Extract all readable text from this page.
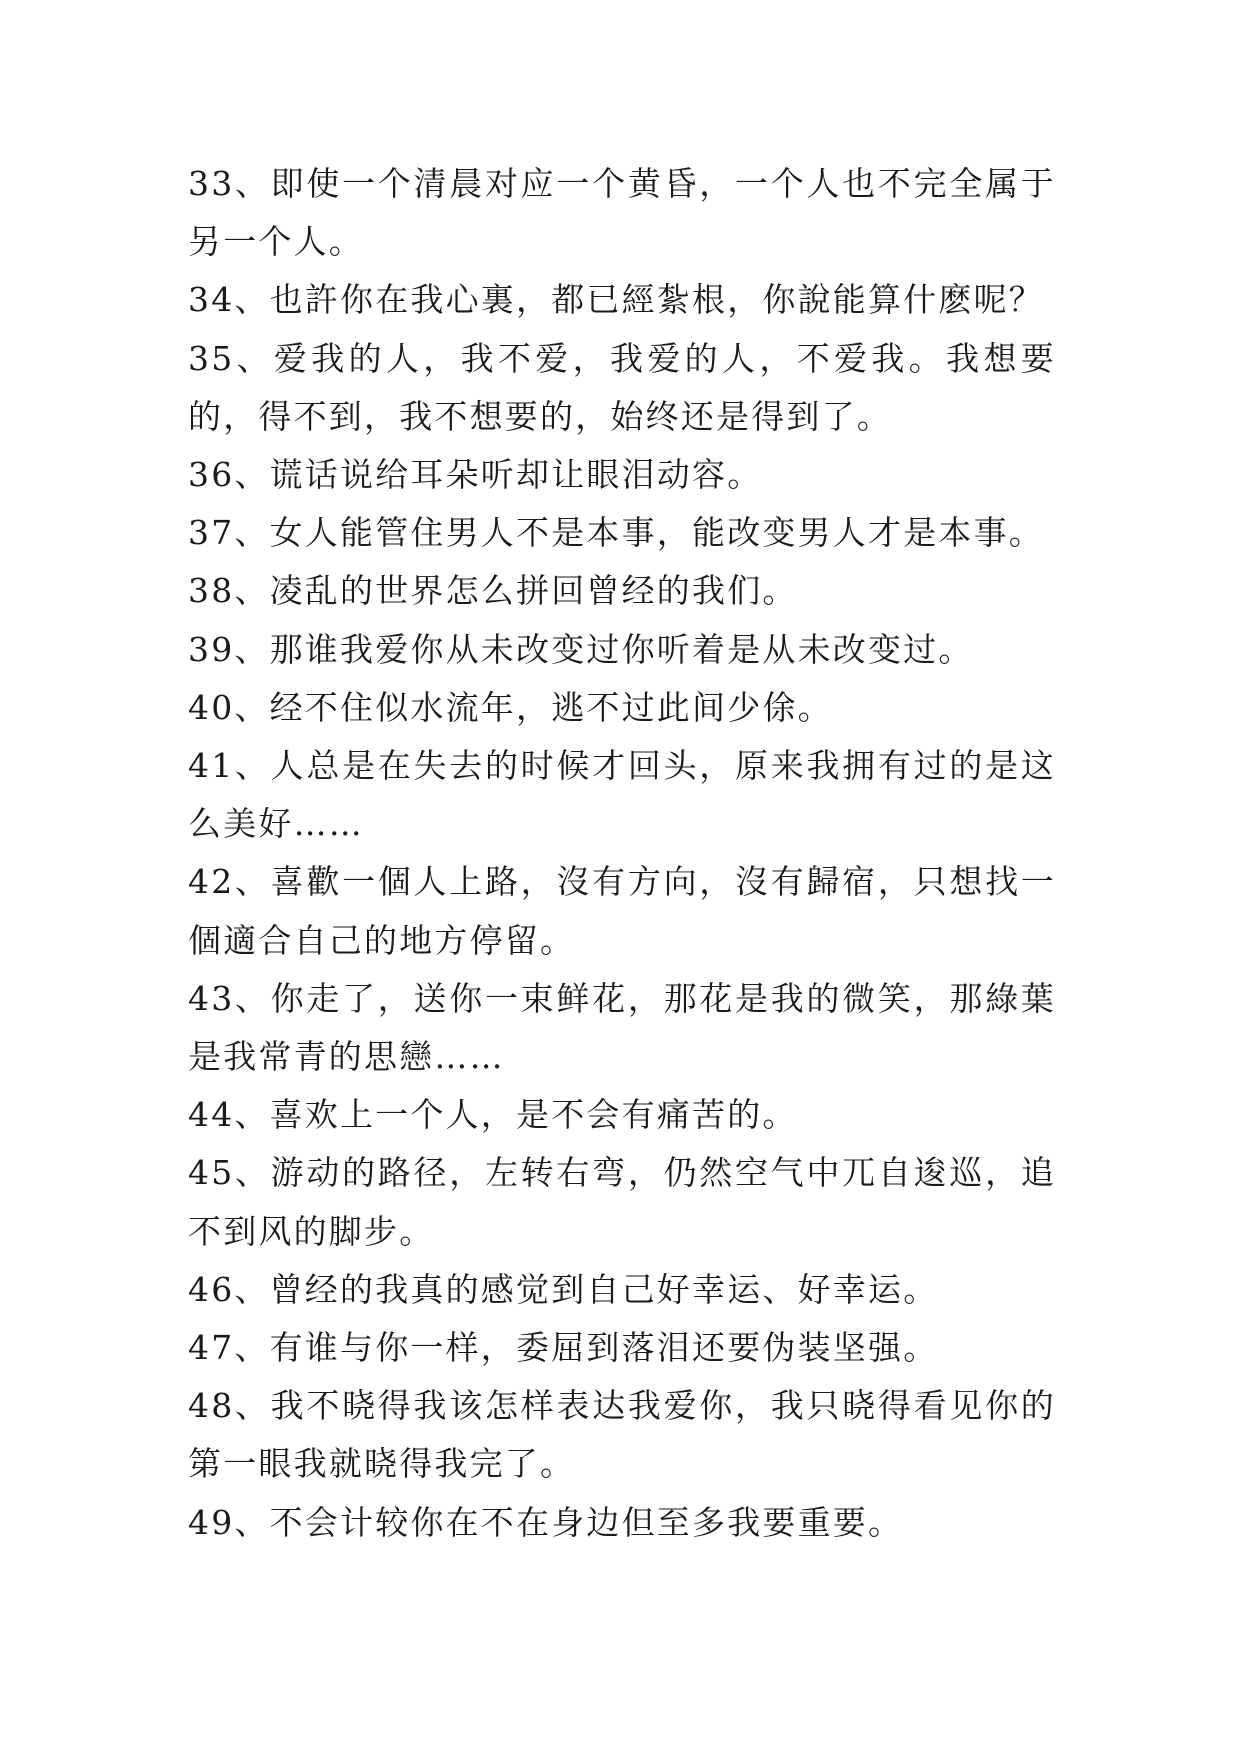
33、即使一个清晨对应一个黄昏，一个人也不完全属于另一个人。

34、也許你在我心裏，都已經紮根，你說能算什麽呢？

35、爱我的人，我不爱，我爱的人，不爱我。我想要的，得不到，我不想要的，始终还是得到了。

36、谎话说给耳朵听却让眼泪动容。

37、女人能管住男人不是本事，能改变男人才是本事。

38、凌乱的世界怎么拼回曾经的我们。

39、那谁我爱你从未改变过你听着是从未改变过。

40、经不住似水流年，逃不过此间少俆。

41、人总是在失去的时候才回头，原来我拥有过的是这么美好……

42、喜歡一個人上路，沒有方向，沒有歸宿，只想找一個適合自己的地方停留。

43、你走了，送你一束鲜花，那花是我的微笑，那綠葉是我常青的思戀……

44、喜欢上一个人，是不会有痛苦的。

45、游动的路径，左转右弯，仍然空气中兀自逡巡，追不到风的脚步。

46、曾经的我真的感觉到自己好幸运、好幸运。

47、有谁与你一样，委屈到落泪还要伪装坚强。

48、我不晓得我该怎样表达我爱你，我只晓得看见你的第一眼我就晓得我完了。

49、不会计较你在不在身边但至多我要重要。
